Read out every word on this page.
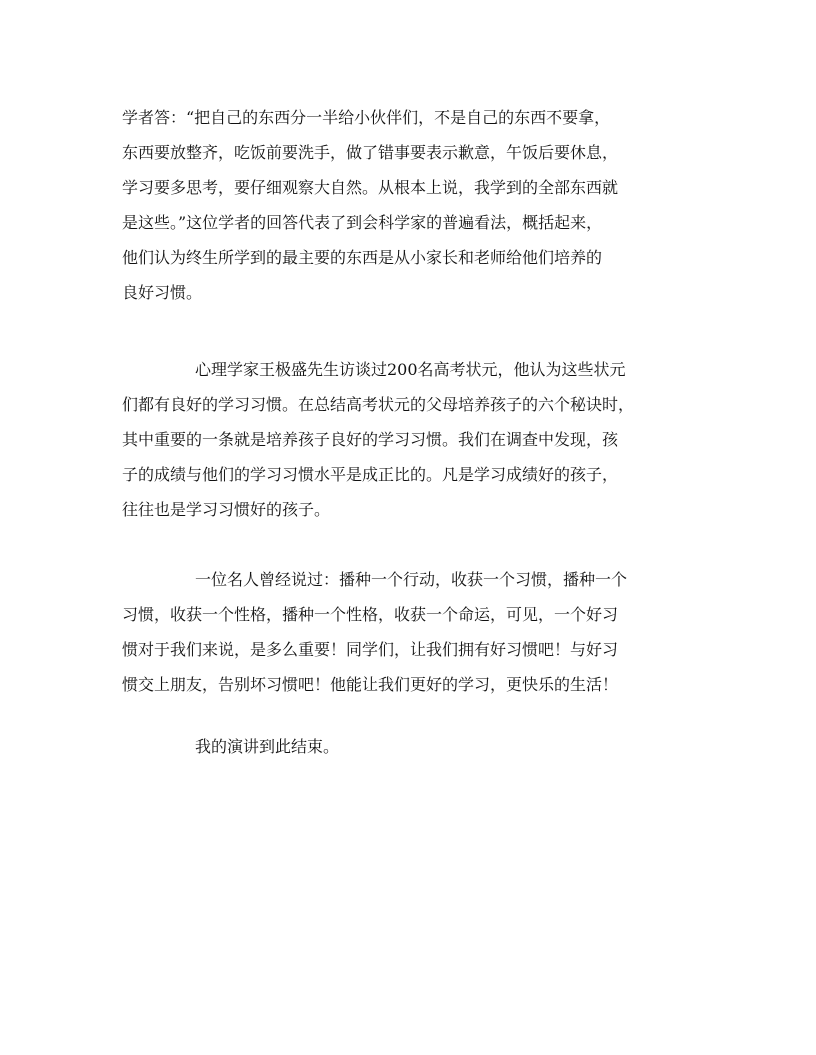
学者答：“把自己的东西分一半给小伙伴们，不是自己的东西不要拿，
东西要放整齐，吃饭前要洗手，做了错事要表示歉意，午饭后要休息，
学习要多思考，要仔细观察大自然。从根本上说，我学到的全部东西就
是这些。”这位学者的回答代表了到会科学家的普遍看法，概括起来，
他们认为终生所学到的最主要的东西是从小家长和老师给他们培养的
良好习惯。
心理学家王极盛先生访谈过200名高考状元，他认为这些状元
们都有良好的学习习惯。在总结高考状元的父母培养孩子的六个秘诀时，
其中重要的一条就是培养孩子良好的学习习惯。我们在调查中发现，孩
子的成绩与他们的学习习惯水平是成正比的。凡是学习成绩好的孩子，
往往也是学习习惯好的孩子。
一位名人曾经说过：播种一个行动，收获一个习惯，播种一个
习惯，收获一个性格，播种一个性格，收获一个命运，可见，一个好习
惯对于我们来说，是多么重要！同学们，让我们拥有好习惯吧！与好习
惯交上朋友，告别坏习惯吧！他能让我们更好的学习，更快乐的生活！
我的演讲到此结束。
